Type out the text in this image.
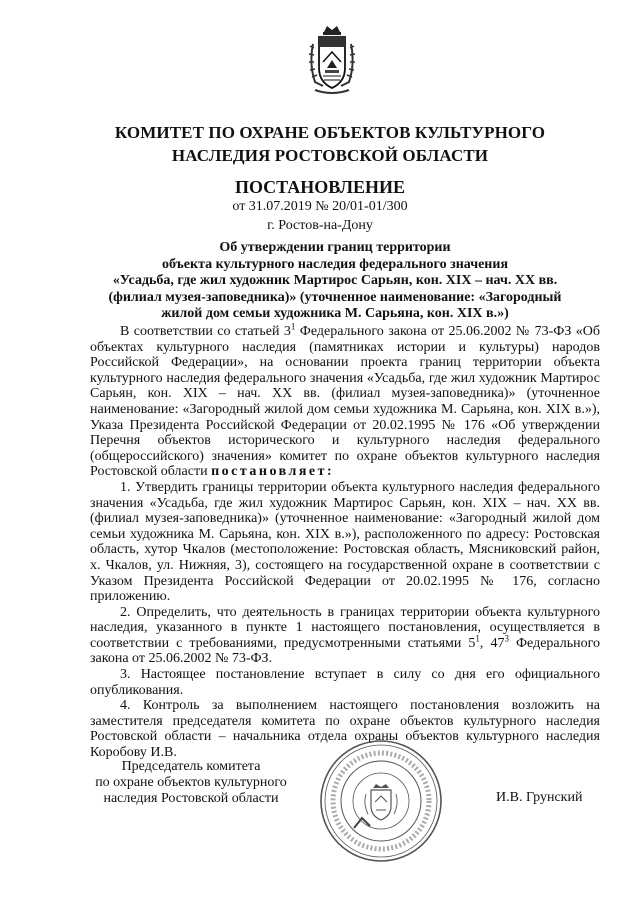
КОМИТЕТ ПО ОХРАНЕ ОБЪЕКТОВ КУЛЬТУРНОГО
НАСЛЕДИЯ РОСТОВСКОЙ ОБЛАСТИ
ПОСТАНОВЛЕНИЕ
от 31.07.2019 № 20/01-01/300
г. Ростов-на-Дону
Об утверждении границ территории
объекта культурного наследия федерального значения
«Усадьба, где жил художник Мартирос Сарьян, кон. XIX – нач. XX вв.
(филиал музея-заповедника)» (уточненное наименование: «Загородный
жилой дом семьи художника М. Сарьяна, кон. XIX в.»)

В соответствии со статьей $3^1$ Федерального закона от 25.06.2002 № 73-ФЗ «Об объектах культурного наследия (памятниках истории и культуры) народов Российской Федерации», на основании проекта границ территории объекта культурного наследия федерального значения «Усадьба, где жил художник Мартирос Сарьян, кон. XIX – нач. XX вв. (филиал музея-заповедника)» (уточненное наименование: «Загородный жилой дом семьи художника М. Сарьяна, кон. XIX в.»), Указа Президента Российской Федерации от 20.02.1995 № 176 «Об утверждении Перечня объектов исторического и культурного наследия федерального (общероссийского) значения» комитет по охране объектов культурного наследия Ростовской области постановляет:

1. Утвердить границы территории объекта культурного наследия федерального значения «Усадьба, где жил художник Мартирос Сарьян, кон. XIX – нач. XX вв. (филиал музея-заповедника)» (уточненное наименование: «Загородный жилой дом семьи художника М. Сарьяна, кон. XIX в.»), расположенного по адресу: Ростовская область, хутор Чкалов (местоположение: Ростовская область, Мясниковский район, х. Чкалов, ул. Нижняя, 3), состоящего на государственной охране в соответствии с Указом Президента Российской Федерации от 20.02.1995 № 176, согласно приложению.

2. Определить, что деятельность в границах территории объекта культурного наследия, указанного в пункте 1 настоящего постановления, осуществляется в соответствии с требованиями, предусмотренными статьями $5^1$, $47^3$ Федерального закона от 25.06.2002 № 73-ФЗ.

3. Настоящее постановление вступает в силу со дня его официального опубликования.

4. Контроль за выполнением настоящего постановления возложить на заместителя председателя комитета по охране объектов культурного наследия Ростовской области – начальника отдела охраны объектов культурного наследия Коробову И.В.

Председатель комитета
по охране объектов культурного
наследия Ростовской области	И.В. Грунский
